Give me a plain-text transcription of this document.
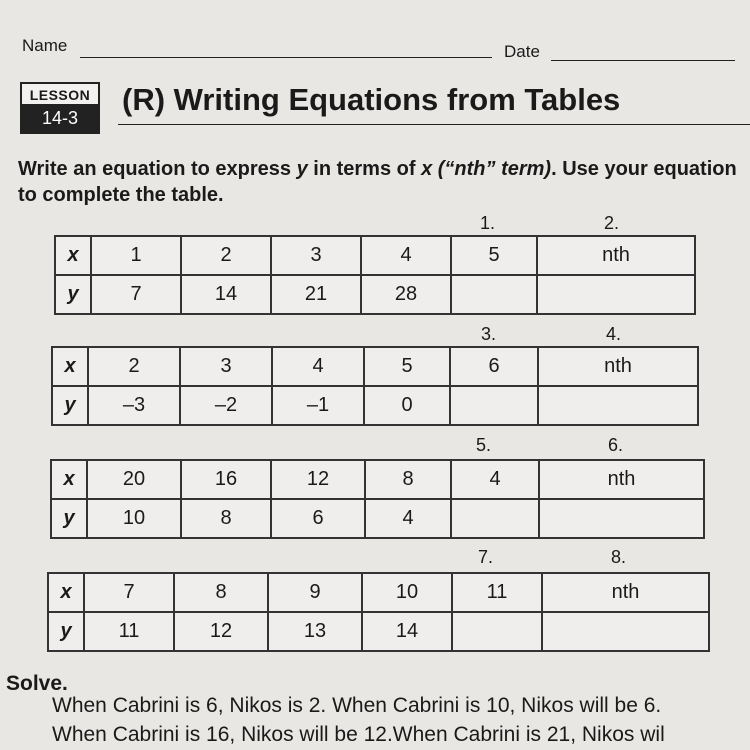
Name	Date
LESSON
14-3
(R) Writing Equations from Tables
Write an equation to express y in terms of x (“nth” term). Use your equation to complete the table.
1.	2.
x	1	2	3	4	5	nth
y	7	14	21	28		
3.	4.
x	2	3	4	5	6	nth
y	–3	–2	–1	0		
5.	6.
x	20	16	12	8	4	nth
y	10	8	6	4		
7.	8.
x	7	8	9	10	11	nth
y	11	12	13	14		
Solve.
When Cabrini is 6, Nikos is 2. When Cabrini is 10, Nikos will be 6.
When Cabrini is 16, Nikos will be 12.When Cabrini is 21, Nikos wil
